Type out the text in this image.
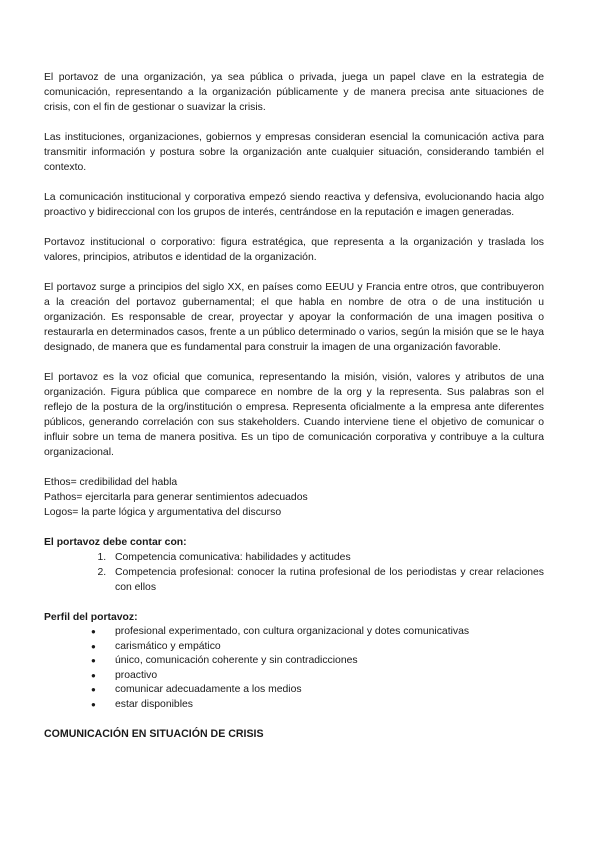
El portavoz de una organización, ya sea pública o privada, juega un papel clave en la estrategia de comunicación, representando a la organización públicamente y de manera precisa ante situaciones de crisis, con el fin de gestionar o suavizar la crisis.

Las instituciones, organizaciones, gobiernos y empresas consideran esencial la comunicación activa para transmitir información y postura sobre la organización ante cualquier situación, considerando también el contexto.

La comunicación institucional y corporativa empezó siendo reactiva y defensiva, evolucionando hacia algo proactivo y bidireccional con los grupos de interés, centrándose en la reputación e imagen generadas.

Portavoz institucional o corporativo: figura estratégica, que representa a la organización y traslada los valores, principios, atributos e identidad de la organización.

El portavoz surge a principios del siglo XX, en países como EEUU y Francia entre otros, que contribuyeron a la creación del portavoz gubernamental; el que habla en nombre de otra o de una institución u organización. Es responsable de crear, proyectar y apoyar la conformación de una imagen positiva o restaurarla en determinados casos, frente a un público determinado o varios, según la misión que se le haya designado, de manera que es fundamental para construir la imagen de una organización favorable.

El portavoz es la voz oficial que comunica, representando la misión, visión, valores y atributos de una organización. Figura pública que comparece en nombre de la org y la representa. Sus palabras son el reflejo de la postura de la org/institución o empresa. Representa oficialmente a la empresa ante diferentes públicos, generando correlación con sus stakeholders. Cuando interviene tiene el objetivo de comunicar o influir sobre un tema de manera positiva. Es un tipo de comunicación corporativa y contribuye a la cultura organizacional.

Ethos= credibilidad del habla
Pathos= ejercitarla para generar sentimientos adecuados
Logos= la parte lógica y argumentativa del discurso
El portavoz debe contar con:
1. Competencia comunicativa: habilidades y actitudes
2. Competencia profesional: conocer la rutina profesional de los periodistas y crear relaciones con ellos
Perfil del portavoz:
● profesional experimentado, con cultura organizacional y dotes comunicativas
● carismático y empático
● único, comunicación coherente y sin contradicciones
● proactivo
● comunicar adecuadamente a los medios
● estar disponibles
COMUNICACIÓN EN SITUACIÓN DE CRISIS
